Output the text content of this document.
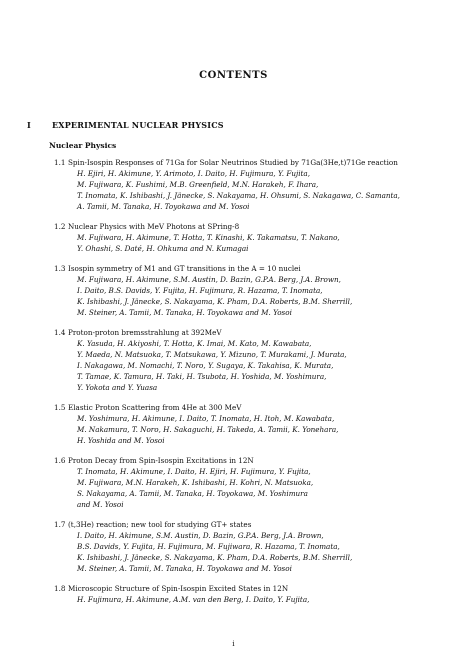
CONTENTS
I	EXPERIMENTAL NUCLEAR PHYSICS
Nuclear Physics
1.1 Spin-Isospin Responses of 71Ga for Solar Neutrinos Studied by 71Ga(3He,t)71Ge reaction
H. Ejiri, H. Akimune, Y. Arimoto, I. Daito, H. Fujimura, Y. Fujita,
M. Fujiwara, K. Fushimi, M.B. Greenfield, M.N. Harakeh, F. Ihara,
T. Inomata, K. Ishibashi, J. Jänecke, S. Nakayama, H. Ohsumi, S. Nakagawa, C. Samanta,
A. Tamii, M. Tanaka, H. Toyokawa and M. Yosoi
1.2 Nuclear Physics with MeV Photons at SPring-8
M. Fujiwara, H. Akimune, T. Hotta, T. Kinashi, K. Takamatsu, T. Nakano,
Y. Ohashi, S. Daté, H. Ohkuma and N. Kumagai
1.3 Isospin symmetry of M1 and GT transitions in the A = 10 nuclei
M. Fujiwara, H. Akimune, S.M. Austin, D. Bazin, G.P.A. Berg, J.A. Brown,
I. Daito, B.S. Davids, Y. Fujita, H. Fujimura, R. Hazama, T. Inomata,
K. Ishibashi, J. Jänecke, S. Nakayama, K. Pham, D.A. Roberts, B.M. Sherrill,
M. Steiner, A. Tamii, M. Tanaka, H. Toyokawa and M. Yosoi
1.4 Proton-proton bremsstrahlung at 392MeV
K. Yasuda, H. Akiyoshi, T. Hotta, K. Imai, M. Kato, M. Kawabata,
Y. Maeda, N. Matsuoka, T. Matsukawa, Y. Mizuno, T. Murakami, J. Murata,
I. Nakagawa, M. Nomachi, T. Noro, Y. Sugaya, K. Takahisa, K. Murata,
T. Tamae, K. Tamura, H. Taki, H. Tsubota, H. Yoshida, M. Yoshimura,
Y. Yokota and Y. Yuasa
1.5 Elastic Proton Scattering from 4He at 300 MeV
M. Yoshimura, H. Akimune, I. Daito, T. Inomata, H. Itoh, M. Kawabata,
M. Nakamura, T. Noro, H. Sakaguchi, H. Takeda, A. Tamii, K. Yonehara,
H. Yoshida and M. Yosoi
1.6 Proton Decay from Spin-Isospin Excitations in 12N
T. Inomata, H. Akimune, I. Daito, H. Ejiri, H. Fujimura, Y. Fujita,
M. Fujiwara, M.N. Harakeh, K. Ishibashi, H. Kohri, N. Matsuoka,
S. Nakayama, A. Tamii, M. Tanaka, H. Toyokawa, M. Yoshimura
and M. Yosoi
1.7 (t,3He) reaction; new tool for studying GT+ states
I. Daito, H. Akimune, S.M. Austin, D. Bazin, G.P.A. Berg, J.A. Brown,
B.S. Davids, Y. Fujita, H. Fujimura, M. Fujiwara, R. Hazama, T. Inomata,
K. Ishibashi, J. Jänecke, S. Nakayama, K. Pham, D.A. Roberts, B.M. Sherrill,
M. Steiner, A. Tamii, M. Tanaka, H. Toyokawa and M. Yosoi
1.8 Microscopic Structure of Spin-Isospin Excited States in 12N
H. Fujimura, H. Akimune, A.M. van den Berg, I. Daito, Y. Fujita,
i
